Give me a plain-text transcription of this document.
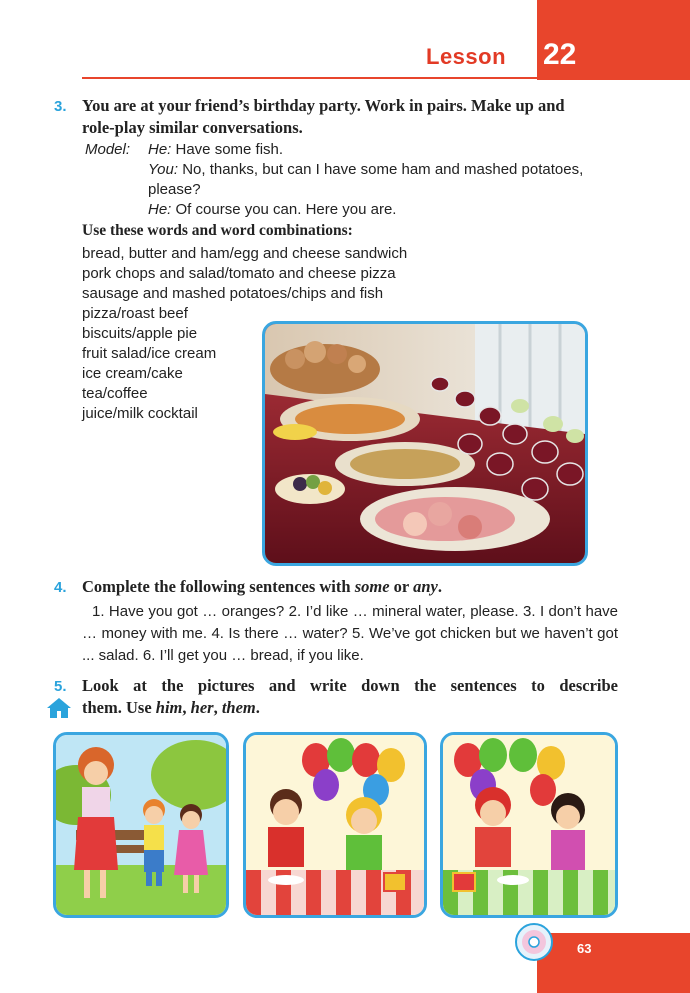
Lesson 22
3. You are at your friend’s birthday party. Work in pairs. Make up and
role-play similar conversations.
Model: He: Have some fish.
You: No, thanks, but can I have some ham and mashed potatoes,
please?
He: Of course you can. Here you are.
Use these words and word combinations:
bread, butter and ham/egg and cheese sandwich
pork chops and salad/tomato and cheese pizza
sausage and mashed potatoes/chips and fish
pizza/roast beef
biscuits/apple pie
fruit salad/ice cream
ice cream/cake
tea/coffee
juice/milk cocktail
4. Complete the following sentences with some or any.
1. Have you got … oranges? 2. I’d like … mineral water, please. 3. I don’t have … money with me. 4. Is there … water? 5. We’ve got chicken but we haven’t got ... salad. 6. I’ll get you … bread, if you like.
5. Look at the pictures and write down the sentences to describe
them. Use him, her, them.
63
